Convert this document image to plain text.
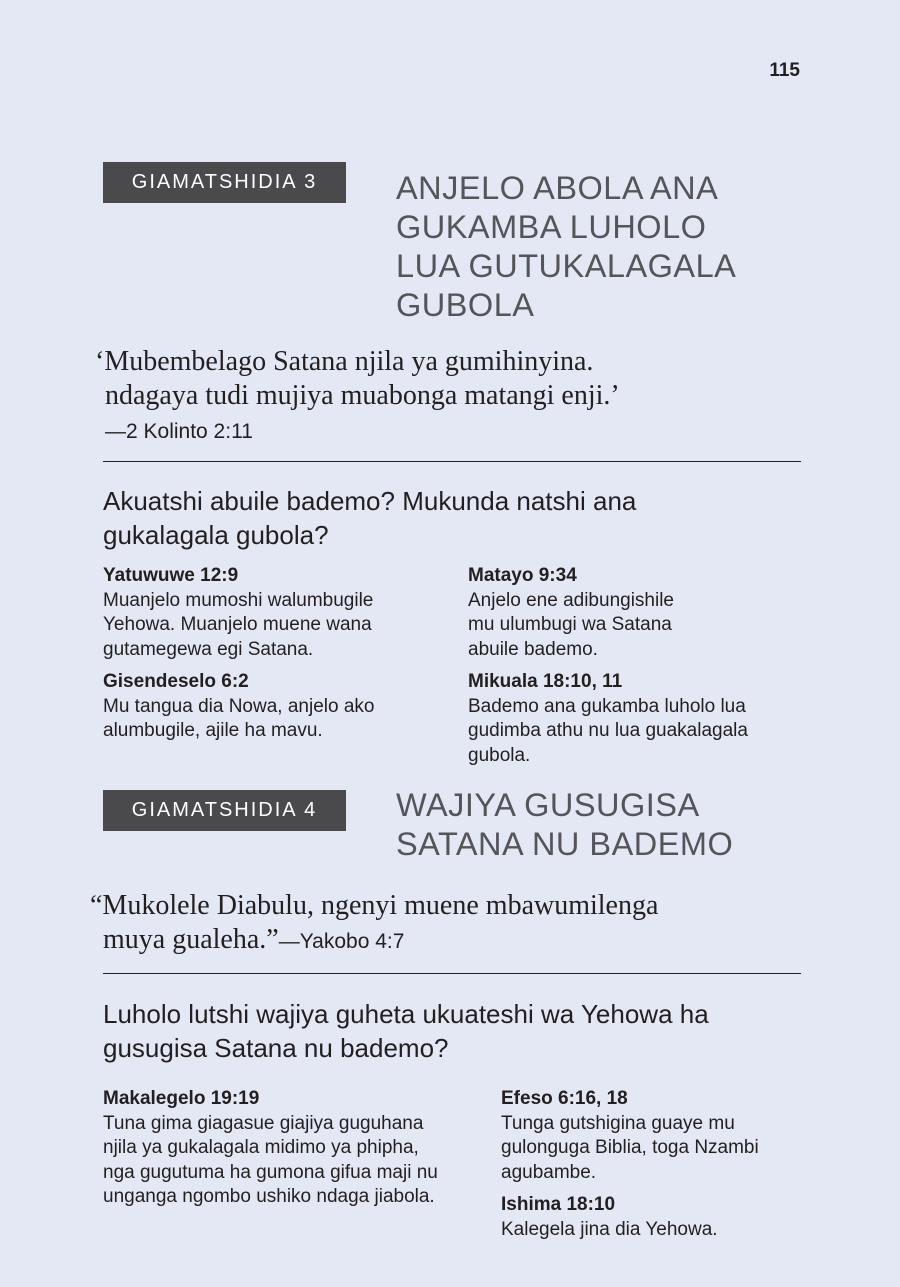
115
GIAMATSHIDIA 3	ANJELO ABOLA ANA
GUKAMBA LUHOLO
LUA GUTUKALAGALA
GUBOLA
‘Mubembelago Satana njila ya gumihinyina.
ndagaya tudi mujiya muabonga matangi enji.’
—2 Kolinto 2:11
Akuatshi abuile bademo? Mukunda natshi ana
gukalagala gubola?
Yatuwuwe 12:9
Muanjelo mumoshi walumbugile
Yehowa. Muanjelo muene wana
gutamegewa egi Satana.
Gisendeselo 6:2
Mu tangua dia Nowa, anjelo ako
alumbugile, ajile ha mavu.
Matayo 9:34
Anjelo ene adibungishile
mu ulumbugi wa Satana
abuile bademo.
Mikuala 18:10, 11
Bademo ana gukamba luholo lua
gudimba athu nu lua guakalagala
gubola.
GIAMATSHIDIA 4	WAJIYA GUSUGISA
SATANA NU BADEMO
“Mukolele Diabulu, ngenyi muene mbawumilenga
muya gualeha.”—Yakobo 4:7
Luholo lutshi wajiya guheta ukuateshi wa Yehowa ha
gusugisa Satana nu bademo?
Makalegelo 19:19
Tuna gima giagasue giajiya guguhana
njila ya gukalagala midimo ya phipha,
nga gugutuma ha gumona gifua maji nu
unganga ngombo ushiko ndaga jiabola.
Efeso 6:16, 18
Tunga gutshigina guaye mu
gulonguga Biblia, toga Nzambi
agubambe.
Ishima 18:10
Kalegela jina dia Yehowa.
